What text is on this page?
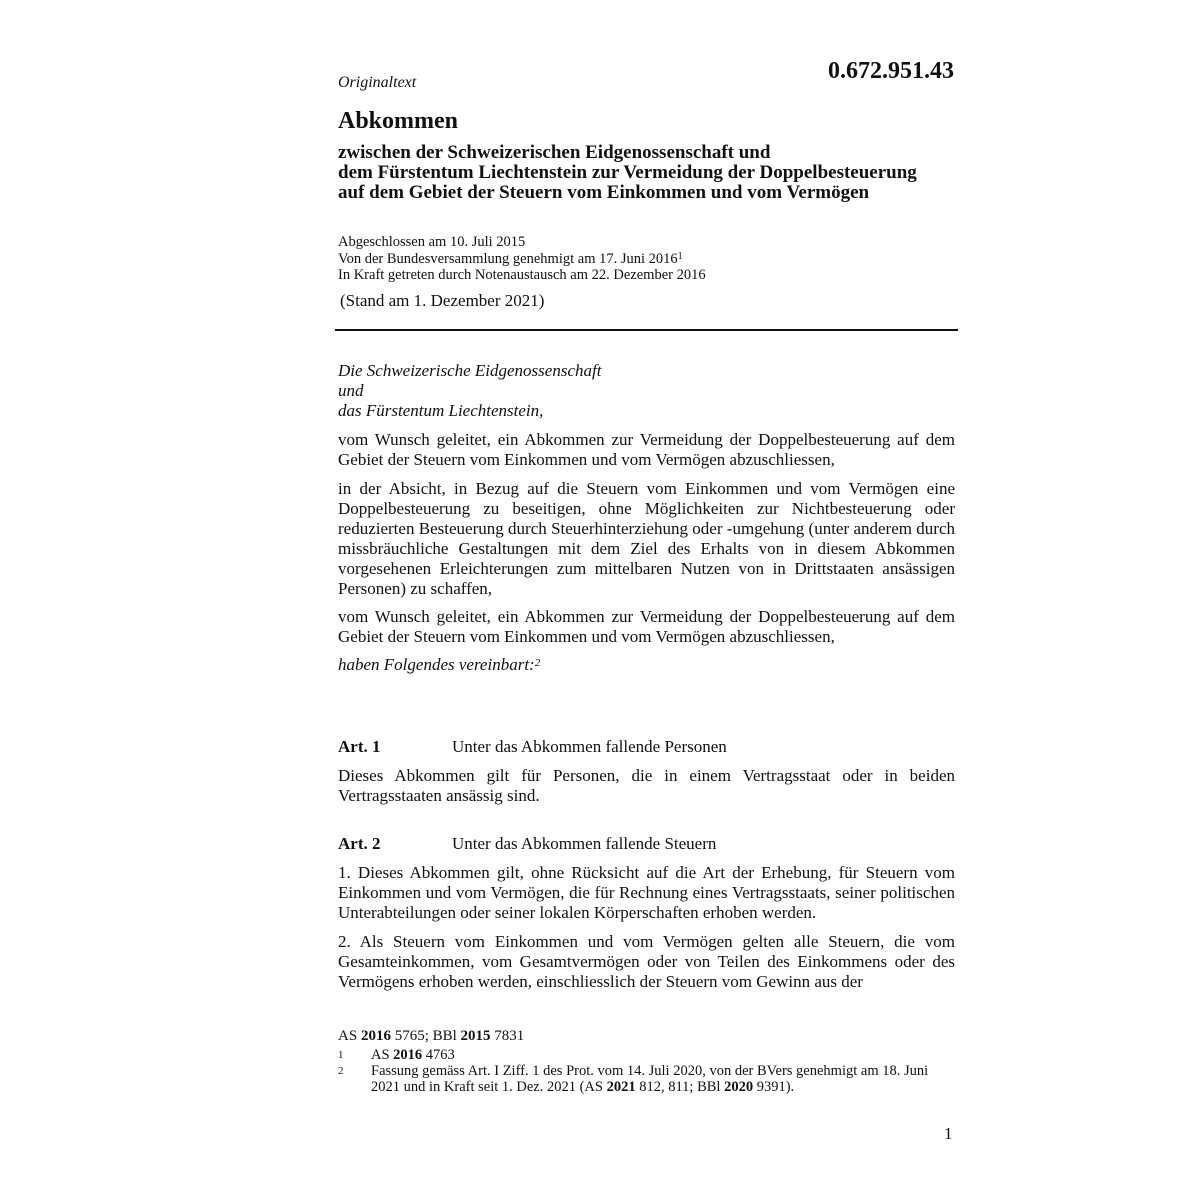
Originaltext	0.672.951.43
Abkommen
zwischen der Schweizerischen Eidgenossenschaft und
dem Fürstentum Liechtenstein zur Vermeidung der Doppelbesteuerung
auf dem Gebiet der Steuern vom Einkommen und vom Vermögen
Abgeschlossen am 10. Juli 2015
Von der Bundesversammlung genehmigt am 17. Juni 2016$^1$
In Kraft getreten durch Notenaustausch am 22. Dezember 2016
(Stand am 1. Dezember 2021)
Die Schweizerische Eidgenossenschaft
und
das Fürstentum Liechtenstein,
vom Wunsch geleitet, ein Abkommen zur Vermeidung der Doppelbesteuerung auf dem Gebiet der Steuern vom Einkommen und vom Vermögen abzuschliessen,
in der Absicht, in Bezug auf die Steuern vom Einkommen und vom Vermögen eine Doppelbesteuerung zu beseitigen, ohne Möglichkeiten zur Nichtbesteuerung oder reduzierten Besteuerung durch Steuerhinterziehung oder -umgehung (unter anderem durch missbräuchliche Gestaltungen mit dem Ziel des Erhalts von in diesem Abkommen vorgesehenen Erleichterungen zum mittelbaren Nutzen von in Drittstaaten ansässigen Personen) zu schaffen,
vom Wunsch geleitet, ein Abkommen zur Vermeidung der Doppelbesteuerung auf dem Gebiet der Steuern vom Einkommen und vom Vermögen abzuschliessen,
haben Folgendes vereinbart:$^2$
Art. 1	Unter das Abkommen fallende Personen
Dieses Abkommen gilt für Personen, die in einem Vertragsstaat oder in beiden Vertragsstaaten ansässig sind.
Art. 2	Unter das Abkommen fallende Steuern
1. Dieses Abkommen gilt, ohne Rücksicht auf die Art der Erhebung, für Steuern vom Einkommen und vom Vermögen, die für Rechnung eines Vertragsstaats, seiner politischen Unterabteilungen oder seiner lokalen Körperschaften erhoben werden.
2. Als Steuern vom Einkommen und vom Vermögen gelten alle Steuern, die vom Gesamteinkommen, vom Gesamtvermögen oder von Teilen des Einkommens oder des Vermögens erhoben werden, einschliesslich der Steuern vom Gewinn aus der
AS 2016 5765; BBl 2015 7831
1 AS 2016 4763
2 Fassung gemäss Art. I Ziff. 1 des Prot. vom 14. Juli 2020, von der BVers genehmigt am 18. Juni 2021 und in Kraft seit 1. Dez. 2021 (AS 2021 812, 811; BBl 2020 9391).
1
